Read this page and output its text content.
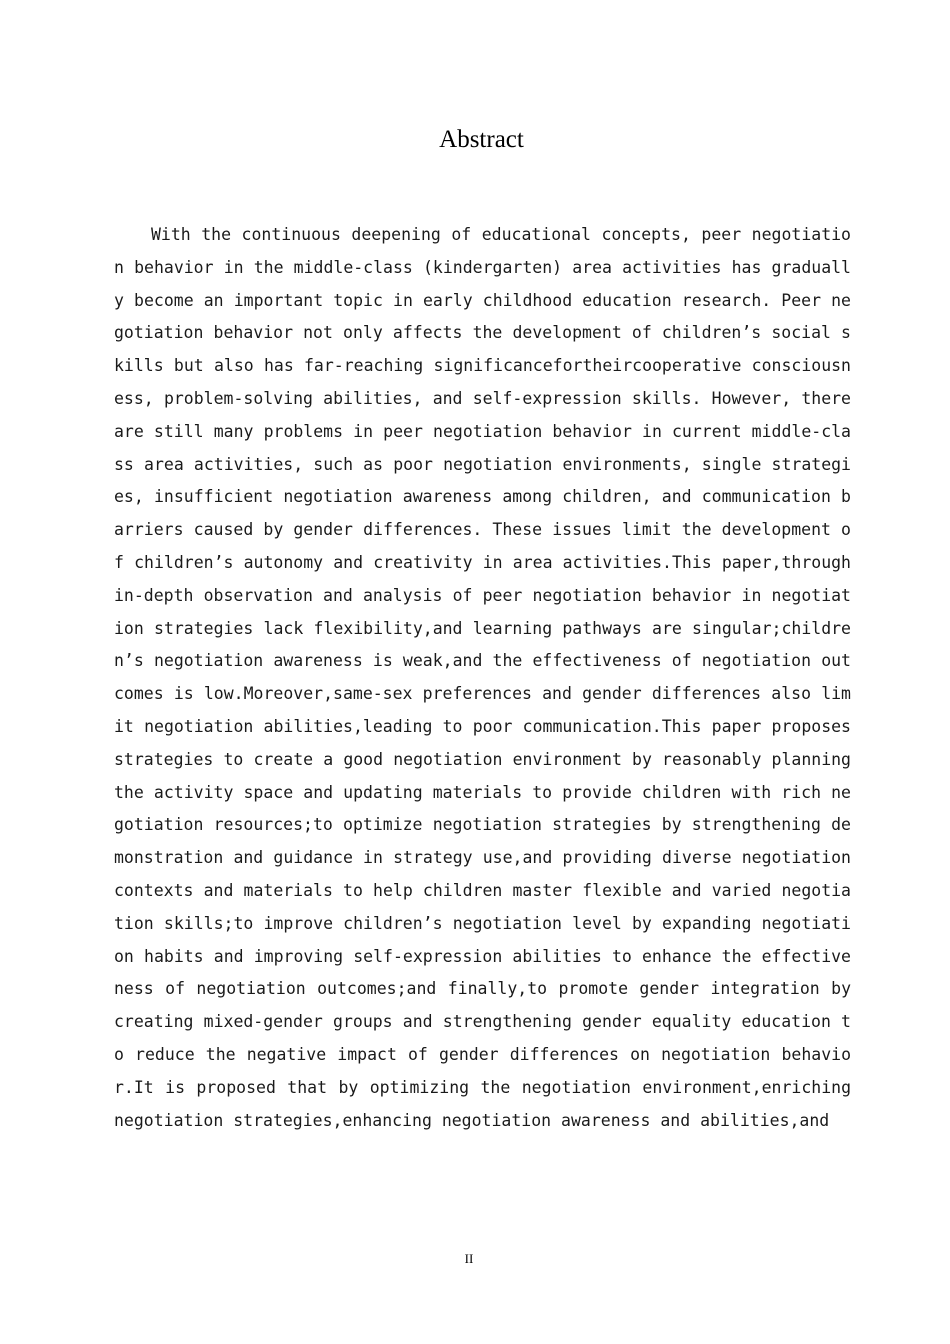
Abstract

With the continuous deepening of educational concepts, peer negotiation behavior in the middle-class (kindergarten) area activities has gradually become an important topic in early childhood education research. Peer negotiation behavior not only affects the development of children’s social skills but also has far-reaching significancefortheircooperative consciousness, problem-solving abilities, and self-expression skills. However, there are still many problems in peer negotiation behavior in current middle-class area activities, such as poor negotiation environments, single strategies, insufficient negotiation awareness among children, and communication barriers caused by gender differences. These issues limit the development of children’s autonomy and creativity in area activities.This paper,through in-depth observation and analysis of peer negotiation behavior in negotiation strategies lack flexibility,and learning pathways are singular;children’s negotiation awareness is weak,and the effectiveness of negotiation outcomes is low.Moreover,same-sex preferences and gender differences also limit negotiation abilities,leading to poor communication.This paper proposes strategies to create a good negotiation environment by reasonably planning the activity space and updating materials to provide children with rich negotiation resources;to optimize negotiation strategies by strengthening demonstration and guidance in strategy use,and providing diverse negotiation contexts and materials to help children master flexible and varied negotiation skills;to improve children’s negotiation level by expanding negotiation habits and improving self-expression abilities to enhance the effectiveness of negotiation outcomes;and finally,to promote gender integration by creating mixed-gender groups and strengthening gender equality education to reduce the negative impact of gender differences on negotiation behavior.It is proposed that by optimizing the negotiation environment,enriching negotiation strategies,enhancing negotiation awareness and abilities,and

II
